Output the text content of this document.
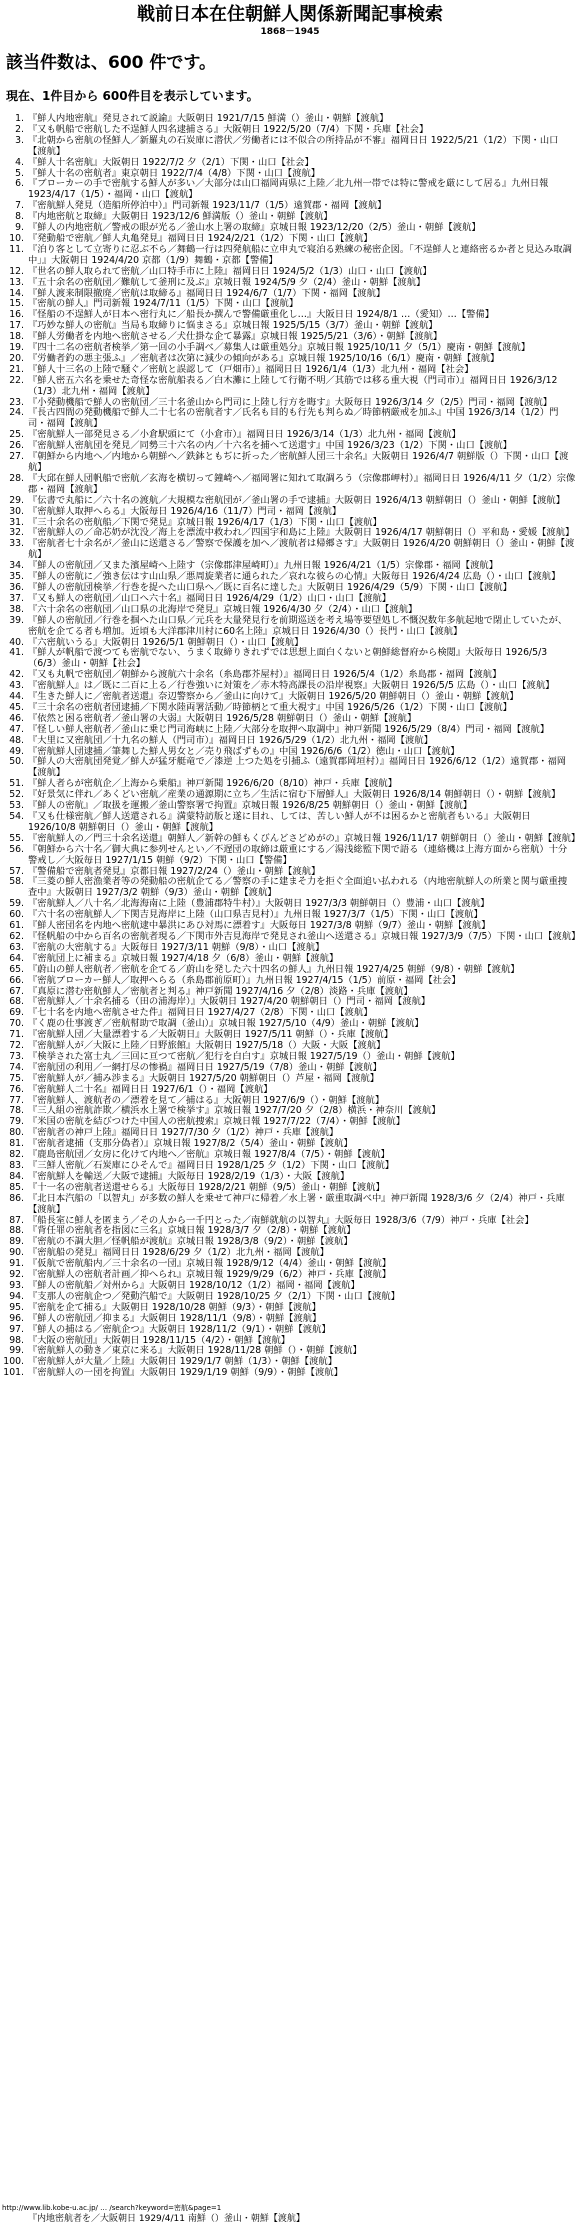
戦前日本在住朝鮮人関係新聞記事検索
1868－1945
該当件数は、600 件です。
現在、1件目から 600件目を表示しています。
1. 『鮮人内地密航』発見されて説諭』大阪朝日 1921/7/15 鮮満（）釜山・朝鮮【渡航】
2. 『又も帆船で密航した不逞鮮人四名逮捕さる』大阪朝日 1922/5/20（7/4）下関・兵庫【社会】
3. 『北朝から密航の怪鮮人／新羅丸の石炭庫に潜伏／労働者には不似合の所持品が不審』福岡日日 1922/5/21（1/2）下関・山口【渡航】
4. 『鮮人十名密航』大阪朝日 1922/7/2 夕（2/1）下関・山口【社会】
5. 『鮮人十名の密航者』東京朝日 1922/7/4（4/8）下関・山口【渡航】
6. 『ブローカーの手で密航する鮮人が多い／大部分は山口福岡両県に上陸／北九州一帯では特に警戒を厳にして居る』九州日報 1923/4/17（1/5）・福岡・山口【渡航】
7. 『密航鮮人発見（造船所停泊中）』門司新報 1923/11/7（1/5）遠賀郡・福岡【渡航】
8. 『内地密航と取締』大阪朝日 1923/12/6 鮮満版（）釜山・朝鮮【渡航】
9. 『鮮人の内地密航／警戒の眼が光る／釜山水上署の取締』京城日報 1923/12/20（2/5）釜山・朝鮮【渡航】
10. 『発動船で密航／鮮人丸亀発見』福岡日日 1924/2/21（1/2）下関・山口【渡航】
11. 『泊り客として立寄りに忍ぶ不ら／舞鶴一行は四発航船に立申丸で寝泊る熟練の秘密企図。「不逞鮮人と連絡密るか者と見込み取調中」』大阪朝日 1924/4/20 京都（1/9）舞鶴・京都【警備】
12. 『世名の鮮人取られて密航／山口特手市に上陸』福岡日日 1924/5/2（1/3）山口・山口【渡航】
13. 『五十余名の密航団／難航して釜刑に及ぶ』京城日報 1924/5/9 夕（2/4）釜山・朝鮮【渡航】
14. 『鮮人渡来制限撤廃／密航は取締る』福岡日日 1924/6/7（1/7）下関・福岡【渡航】
15. 『密航の鮮人』門司新報 1924/7/11（1/5）下関・山口【渡航】
16. 『怪船の不逞鮮人が日本へ密行丸に／船長か撰んで警備厳重化し…』大阪日日 1924/8/1 …（愛知）…【警備】
17. 『巧妙な鮮人の密航』当局も取締りに悩まさる』京城日報 1925/5/15（3/7）釜山・朝鮮【渡航】
18. 『鮮人労働者を内地へ密航させる／犬仕掛な企て暴露』京城日報 1925/5/21（3/6）・朝鮮【渡航】
19. 『四十二名の密航者検挙／第一回の小手調べ／募集人は厳重処分』京城日報 1925/10/11 夕（5/1）慶南・朝鮮【渡航】
20. 『労働者釣の悪主張ふ』／密航者は次第に減少の傾向がある』京城日報 1925/10/16（6/1）慶南・朝鮮【渡航】
21. 『鮮人十三名の上陸で騒ぐ／密航と誤認して（戸畑市）』福岡日日 1926/1/4（1/3）北九州・福岡【社会】
22. 『鮮人密五六名を乗せた奇怪な密航船表る／白木灘に上陸して行衛不明／其筋では移る重大視（門司市）』福岡日日 1926/3/12（1/3）北九州・福岡【渡航】
23. 『小発動機船で鮮人の密航団／三十名釜山から門司に上陸し行方を晦す』大阪毎日 1926/3/14 夕（2/5）門司・福岡【渡航】
24. 『長古四間の発動機船で鮮人二十七名の密航者す／氏名も目的も行先も判らぬ／時節柄厳戒を加ふ』中国 1926/3/14（1/2）門司・福岡【渡航】
25. 『密航鮮人一部発見さる／小倉駅頭にて（小倉市）』福岡日日 1926/3/14（1/3）北九州・福岡【渡航】
26. 『密航鮮人密航団を発見／同勢三十六名の内／十六名を捕へて送還す』中国 1926/3/23（1/2）下関・山口【渡航】
27. 『朝鮮から内地へ／内地から朝鮮へ／鉄鉢ともぢに折った／密航鮮人団三十余名』大阪朝日 1926/4/7 朝鮮版（）下関・山口【渡航】
28. 『大邱在鮮人団帆船で密航／玄海を横切って鐘崎へ／福岡署に知れて取調ろう（宗像郡岬村）』福岡日日 1926/4/11 夕（1/2）宗像郡・福岡【渡航】
29. 『伝書で丸船に／六十名の渡航／大規模な密航団が／釜山署の手で逮捕』大阪朝日 1926/4/13 朝鮮朝日（）釜山・朝鮮【渡航】
30. 『密航鮮人取押へらる』大阪毎日 1926/4/16（11/7）門司・福岡【渡航】
31. 『三十余名の密航船／下関で発見』京城日報 1926/4/17（1/3）下関・山口【渡航】
32. 『密航鮮人の／命芯奶が沈没／海上を漂流中救われ／四国宇和島に上陸』大阪朝日 1926/4/17 朝鮮朝日（）平和島・愛媛【渡航】
33. 『密航者七十余名が／釜山に送還さる／警察で保護を加へ／渡航者は帰郷さす』大阪朝日 1926/4/20 朝鮮朝日（）釜山・朝鮮【渡航】
34. 『鮮人の密航団／又また濱屋崎へ上陸す（宗像郡津屋崎町）』九州日報 1926/4/21（1/5）宗像郡・福岡【渡航】
35. 『鮮人の密航に／強き伝はす山山県／悪周旋業者に通られた／哀れな彼らの心情』大阪毎日 1926/4/24 広島（）・山口【渡航】
36. 『鮮人の密航団検挙／行巻を捉へた山口県へ／既に百名に達した』大阪朝日 1926/4/29（5/9）下関・山口【渡航】
37. 『又も鮮人の密航団／山口へ六十名』福岡日日 1926/4/29（1/2）山口・山口【渡航】
38. 『六十余名の密航団／山口県の北海岸で発見』京城日報 1926/4/30 夕（2/4）・山口【渡航】
39. 『鮮人の密航団／行巻を掴へた山口県／元兵を大量発見行を前期巡送を考え場等要望処し不慨況数年多航起地で閉止していたが、密航を企てる者も増加。近頃も大洋郡津川村に60名上陸』京城日日 1926/4/30（）長門・山口【渡航】
40. 『六密航いうる』大阪朝日 1926/5/1 朝鮮朝日（）・山口【渡航】
41. 『鮮人が帆船で渡つても密航でない、うまく取締りきれずでは思想上面白くないと朝鮮総督府から検閲』大阪毎日 1926/5/3（6/3）釜山・朝鮮【社会】
42. 『又も丸帆で密航団／朝鮮から渡航六十余名（糸島郡芥屋村）』福岡日日 1926/5/4（1/2）糸島郡・福岡【渡航】
43. 『密航鮮人』は／既に二百に上る／行巻強いに対策を／赤木特高課長の沿岸視察』大阪朝日 1926/5/5 広島（）・山口【渡航】
44. 『生きた鮮人に／密航者送還』奈辺警察から／釜山に向けて』大阪朝日 1926/5/20 朝鮮朝日（）釜山・朝鮮【渡航】
45. 『三十余名の密航者団逮捕／下関水陸両署活動／時節柄とて重大視す』中国 1926/5/26（1/2）下関・山口【渡航】
46. 『依然と困る密航者／釜山署の大弱』大阪朝日 1926/5/28 朝鮮朝日（）釜山・朝鮮【渡航】
47. 『怪しい鮮人密航者／釜山に乗じ門司海峡に上陸／大部分を取押へ取調中』神戸新聞 1926/5/29（8/4）門司・福岡【渡航】
48. 『大里に又密航団／十九名の鮮人（門司市）』福岡日日 1926/5/29（1/2）北九州・福岡【渡航】
49. 『密航鮮人団逮捕／筆舞した鮮人男女と／売り飛ばずもの』中国 1926/6/6（1/2）徳山・山口【渡航】
50. 『鮮人の大密航団発覚／鮮人が猛牙艇竜で／漆逆 上つた処を引捕ふ（遠賀郡岡垣村）』福岡日日 1926/6/12（1/2）遠賀郡・福岡【渡航】
51. 『鮮人者らが密航企／上海から乗船』神戸新聞 1926/6/20（8/10）神戸・兵庫【渡航】
52. 『好景気に伴れ／あくどい密航／産業の通源期に立ち／生活に宿む下層鮮人』大阪朝日 1926/8/14 朝鮮朝日（）・朝鮮【渡航】
53. 『鮮人の密航』／取扱を運搬／釜山警察署で拘置』京城日報 1926/8/25 朝鮮朝日（）釜山・朝鮮【渡航】
54. 『又も仕様密航／鮮人送還される』満蒙特訪版と遂に目れ、しては、苦しい鮮人が不は困るかと密航者もいる』大阪朝日 1926/10/8 朝鮮朝日（）釜山・朝鮮【渡航】
55. 『密航鮮人の／門三十余名送還』朝鮮人／新幹の鮮もくびんどさどめがの』京城日報 1926/11/17 朝鮮朝日（）釜山・朝鮮【渡航】
56. 『朝鮮から六十名／御大典に参列せんとい／不遅団の取締は厳重にする／湯浅総監下関で語る（連絡機は上海方面から密航）十分警戒し／大阪毎日 1927/1/15 朝鮮（9/2）下関・山口【警備】
57. 『警備船で密航者発見』京都日報 1927/2/24（）釜山・朝鮮【渡航】
58. 『三菱の鮮人密漁業者等の発動船の密航企てる／警察の手に建まそ力を拒ぐ全面追い払われる（内地密航鮮人の所業と関与厳重捜査中』大阪朝日 1927/3/2 朝鮮（9/3）釜山・朝鮮【渡航】
59. 『密航鮮人／八十名／北海海南に上陸（豊浦郡特牛村）』大阪朝日 1927/3/3 朝鮮朝日（）豊浦・山口【渡航】
60. 『六十名の密航鮮人／下関吉見海岸に上陸（山口県吉見村）』九州日報 1927/3/7（1/5）下関・山口【渡航】
61. 『鮮人密団名を内地へ密航逮中暴洪にあひ対馬に漂着す』大阪毎日 1927/3/8 朝鮮（9/7）釜山・朝鮮【渡航】
62. 『怪帆船の中から百名の密航者現る／下関市外吉見海岸で発見され釜山へ送還さる』京城日報 1927/3/9（7/5）下関・山口【渡航】
63. 『密航の大密航する』大阪毎日 1927/3/11 朝鮮（9/8）・山口【渡航】
64. 『密航団上に補まる』京城日報 1927/4/18 夕（6/8）釜山・朝鮮【渡航】
65. 『蔚山の鮮人密航者／密航を企てる／蔚山を発した六十四名の鮮人』九州日報 1927/4/25 朝鮮（9/8）・朝鮮【渡航】
66. 『密航ブローカー鮮人／取押へらる（糸島郡前原町）』九州日報 1927/4/15（1/5）前原・福岡【社会】
67. 『真原に潜む密航鮮人／密航者と判る』神戸新聞 1927/4/16 夕（2/8）淡路・兵庫【渡航】
68. 『密航鮮人／十余名捕る（田の浦海岸）』大阪朝日 1927/4/20 朝鮮朝日（）門司・福岡【渡航】
69. 『七十名を内地へ密航させた件』福岡日日 1927/4/27（2/8）下関・山口【渡航】
70. 『く鹿の仕事渡ぎ／密航幇助で取調（釜山）』京城日報 1927/5/10（4/9）釜山・朝鮮【渡航】
71. 『密航鮮人団／大量漂着する／大阪朝日』大阪朝日 1927/5/11 朝鮮（）・兵庫【渡航】
72. 『密航鮮人が／大阪に上陸／日野旅館』大阪朝日 1927/5/18（）大阪・大阪【渡航】
73. 『検挙された富士丸／三回に亘つて密航／犯行を白白す』京城日報 1927/5/19（）釜山・朝鮮【渡航】
74. 『密航団の利用／一網打尽の惨禍』福岡日日 1927/5/19（7/8）釜山・朝鮮【渡航】
75. 『密航鮮人が／捕み渉まる』大阪朝日 1927/5/20 朝鮮朝日（）芦屋・福岡【渡航】
76. 『密航鮮人二十名』福岡日日 1927/6/1（）・福岡【渡航】
77. 『密航鮮人、渡航者の／漂着を見て／捕はる』大阪朝日 1927/6/9（）・朝鮮【渡航】
78. 『三人組の密航詐欺／横浜水上署で検挙す』京城日報 1927/7/20 夕（2/8）横浜・神奈川【渡航】
79. 『米国の密航を結びつけた中国人の密航捜索』京城日報 1927/7/22（7/4）・朝鮮【渡航】
80. 『密航者の神戸上陸』福岡日日 1927/7/30 夕（1/2）神戸・兵庫【渡航】
81. 『密航者逮捕（支那分偽者）』京城日報 1927/8/2（5/4）釜山・朝鮮【渡航】
82. 『鹿島密航団／女房に化けて内地へ／密航』京城日報 1927/8/4（7/5）・朝鮮【渡航】
83. 『三鮮人密航／石炭庫にひそんで』福岡日日 1928/1/25 夕（1/2）下関・山口【渡航】
84. 『密航鮮人を輸送／大阪で逮捕』大阪毎日 1928/2/19（1/3）・大阪【渡航】
85. 『十一名の密航者送還せらる』大阪毎日 1928/2/21 朝鮮（9/5）釜山・朝鮮【渡航】
86. 『北日本汽船の「以智丸」が多数の鮮人を乗せて神戸に帰着／水上署・厳重取調べ中』神戸新聞 1928/3/6 夕（2/4）神戸・兵庫【渡航】
87. 『船長室に鮮人を匿まう／その人から一千円とった／南鮮就航の以智丸』大阪毎日 1928/3/6（7/9）神戸・兵庫【社会】
88. 『背任罪の密航者を指図に三名』京城日報 1928/3/7 夕（2/8）・朝鮮【渡航】
89. 『密航の不調大胆／怪帆船が渡航』京城日報 1928/3/8（9/2）・朝鮮【渡航】
90. 『密航船の発見』福岡日日 1928/6/29 夕（1/2）北九州・福岡【渡航】
91. 『仮航で密航船内／三十余名の一団』京城日報 1928/9/12（4/4）釜山・朝鮮【渡航】
92. 『密航鮮人の密航者計画／抑へられ』京城日報 1929/9/29（6/2）神戸・兵庫【渡航】
93. 『鮮人の密航船／対州から』大阪朝日 1928/10/12（1/2）福岡・福岡【渡航】
94. 『支那人の密航企つ／発動汽船で』大阪朝日 1928/10/25 夕（2/1）下関・山口【渡航】
95. 『密航を企て捕る』大阪朝日 1928/10/28 朝鮮（9/3）・朝鮮【渡航】
96. 『鮮人の密航団／抑まる』大阪朝日 1928/11/1（9/8）・朝鮮【渡航】
97. 『鮮人の捕はる／密航企つ』大阪朝日 1928/11/2（9/1）・朝鮮【渡航】
98. 『大阪の密航団』大阪朝日 1928/11/15（4/2）・朝鮮【渡航】
99. 『密航鮮人の動き／東京に来る』大阪朝日 1928/11/28 朝鮮（）・朝鮮【渡航】
100. 『密航鮮人が大量／上陸』大阪朝日 1929/1/7 朝鮮（1/3）・朝鮮【渡航】
101. 『密航鮮人の一団を拘置』大阪朝日 1929/1/19 朝鮮（9/9）・朝鮮【渡航】
http://www.lib.kobe-u.ac.jp/ … /search?keyword=密航&page=1
『内地密航者を／大阪朝日 1929/4/11 南鮮（）釜山・朝鮮【渡航】
